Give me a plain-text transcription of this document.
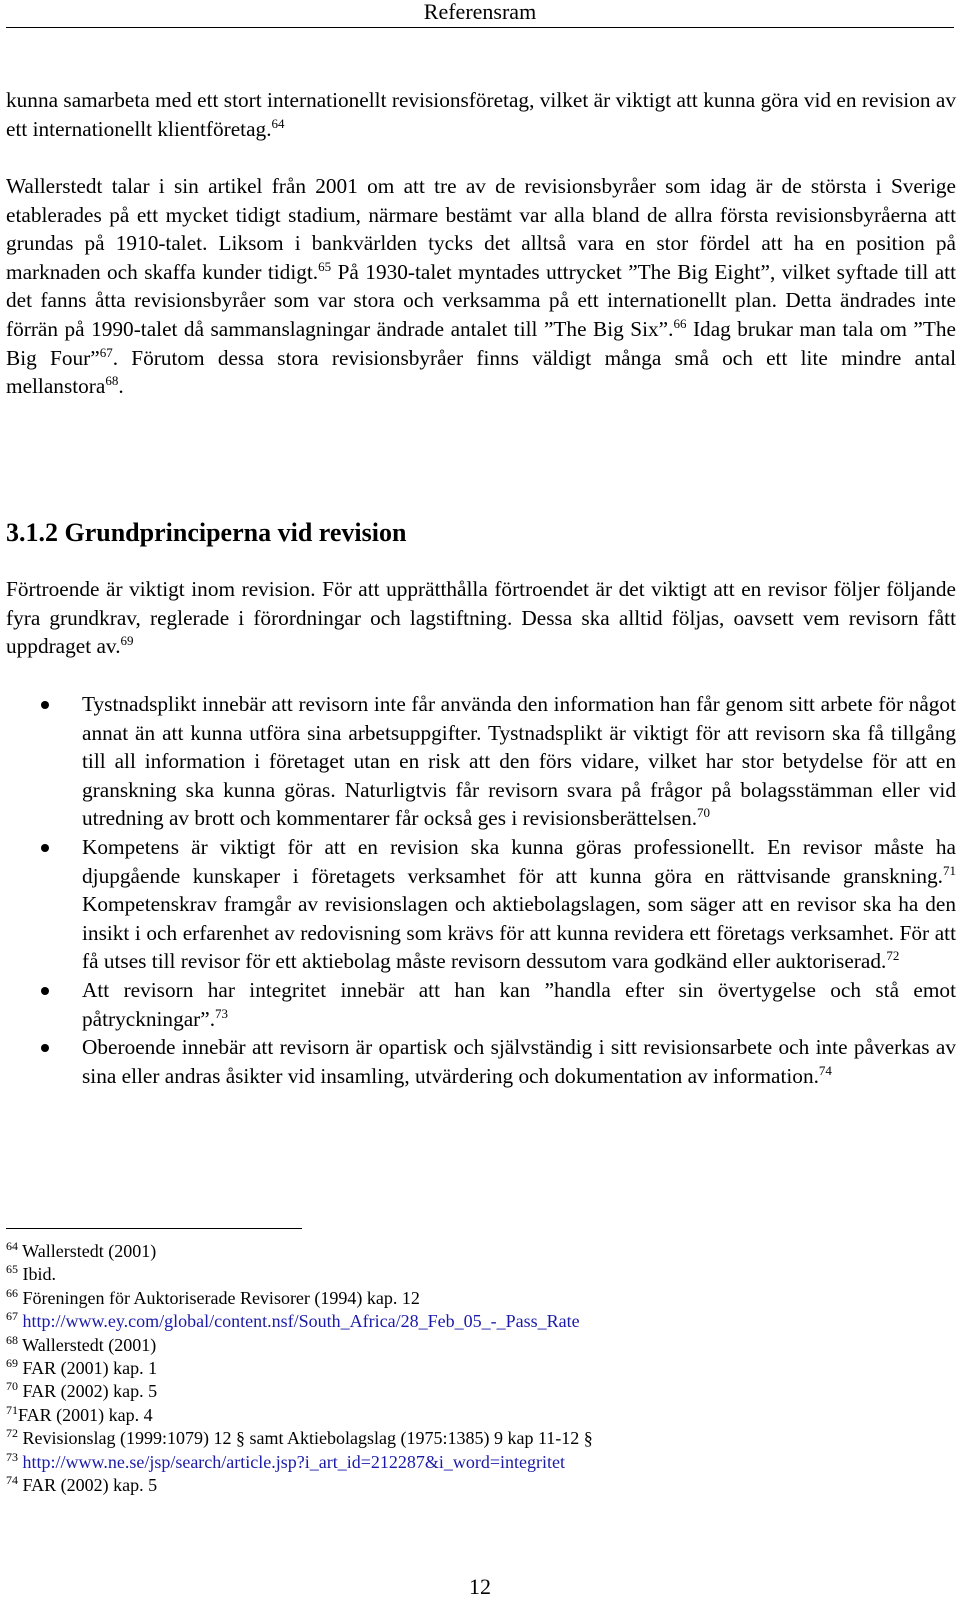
Referensram

kunna samarbeta med ett stort internationellt revisionsföretag, vilket är viktigt att kunna göra vid en revision av ett internationellt klientföretag.$^{64}$

Wallerstedt talar i sin artikel från 2001 om att tre av de revisionsbyråer som idag är de största i Sverige etablerades på ett mycket tidigt stadium, närmare bestämt var alla bland de allra första revisionsbyråerna att grundas på 1910-talet. Liksom i bankvärlden tycks det alltså vara en stor fördel att ha en position på marknaden och skaffa kunder tidigt.$^{65}$ På 1930-talet myntades uttrycket ”The Big Eight”, vilket syftade till att det fanns åtta revisionsbyråer som var stora och verksamma på ett internationellt plan. Detta ändrades inte förrän på 1990-talet då sammanslagningar ändrade antalet till ”The Big Six”.$^{66}$ Idag brukar man tala om ”The Big Four”$^{67}$. Förutom dessa stora revisionsbyråer finns väldigt många små och ett lite mindre antal mellanstora$^{68}$.

3.1.2 Grundprinciperna vid revision

Förtroende är viktigt inom revision. För att upprätthålla förtroendet är det viktigt att en revisor följer följande fyra grundkrav, reglerade i förordningar och lagstiftning. Dessa ska alltid följas, oavsett vem revisorn fått uppdraget av.$^{69}$

Tystnadsplikt innebär att revisorn inte får använda den information han får genom sitt arbete för något annat än att kunna utföra sina arbetsuppgifter. Tystnadsplikt är viktigt för att revisorn ska få tillgång till all information i företaget utan en risk att den förs vidare, vilket har stor betydelse för att en granskning ska kunna göras. Naturligtvis får revisorn svara på frågor på bolagsstämman eller vid utredning av brott och kommentarer får också ges i revisionsberättelsen.$^{70}$
Kompetens är viktigt för att en revision ska kunna göras professionellt. En revisor måste ha djupgående kunskaper i företagets verksamhet för att kunna göra en rättvisande granskning.$^{71}$ Kompetenskrav framgår av revisionslagen och aktiebolagslagen, som säger att en revisor ska ha den insikt i och erfarenhet av redovisning som krävs för att kunna revidera ett företags verksamhet. För att få utses till revisor för ett aktiebolag måste revisorn dessutom vara godkänd eller auktoriserad.$^{72}$
Att revisorn har integritet innebär att han kan ”handla efter sin övertygelse och stå emot påtryckningar”.$^{73}$
Oberoende innebär att revisorn är opartisk och självständig i sitt revisionsarbete och inte påverkas av sina eller andras åsikter vid insamling, utvärdering och dokumentation av information.$^{74}$
$^{64}$ Wallerstedt (2001)
$^{65}$ Ibid.
$^{66}$ Föreningen för Auktoriserade Revisorer (1994) kap. 12
$^{67}$ http://www.ey.com/global/content.nsf/South_Africa/28_Feb_05_-_Pass_Rate
$^{68}$ Wallerstedt (2001)
$^{69}$ FAR (2001) kap. 1
$^{70}$ FAR (2002) kap. 5
$^{71}$FAR (2001) kap. 4
$^{72}$ Revisionslag (1999:1079) 12 § samt Aktiebolagslag (1975:1385) 9 kap 11-12 §
$^{73}$ http://www.ne.se/jsp/search/article.jsp?i_art_id=212287&i_word=integritet
$^{74}$ FAR (2002) kap. 5
12
